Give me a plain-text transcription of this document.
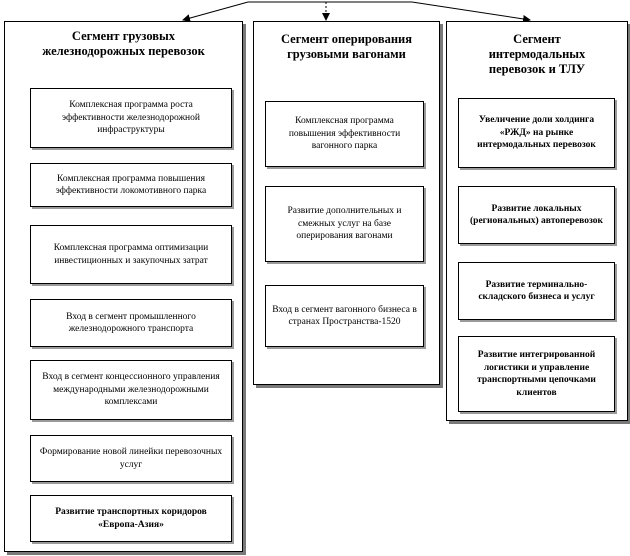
Сегмент грузовых железнодорожных перевозок
Комплексная программа роста эффективности железнодорожной инфраструктуры
Комплексная программа повышения эффективности локомотивного парка
Комплексная программа оптимизации инвестиционных и закупочных затрат
Вход в сегмент промышленного железнодорожного транспорта
Вход в сегмент концессионного управления международными железнодорожными комплексами
Формирование новой линейки перевозочных услуг
Развитие транспортных коридоров «Европа-Азия»
Сегмент оперирования грузовыми вагонами
Комплексная программа повышения эффективности вагонного парка
Развитие дополнительных и смежных услуг на базе оперирования вагонами
Вход в сегмент вагонного бизнеса в странах Пространства-1520
Сегмент интермодальных перевозок и ТЛУ
Увеличение доли холдинга «РЖД» на рынке интермодальных перевозок
Развитие локальных (региональных) автоперевозок
Развитие терминально-складского бизнеса и услуг
Развитие интегрированной логистики и управление транспортными цепочками клиентов
